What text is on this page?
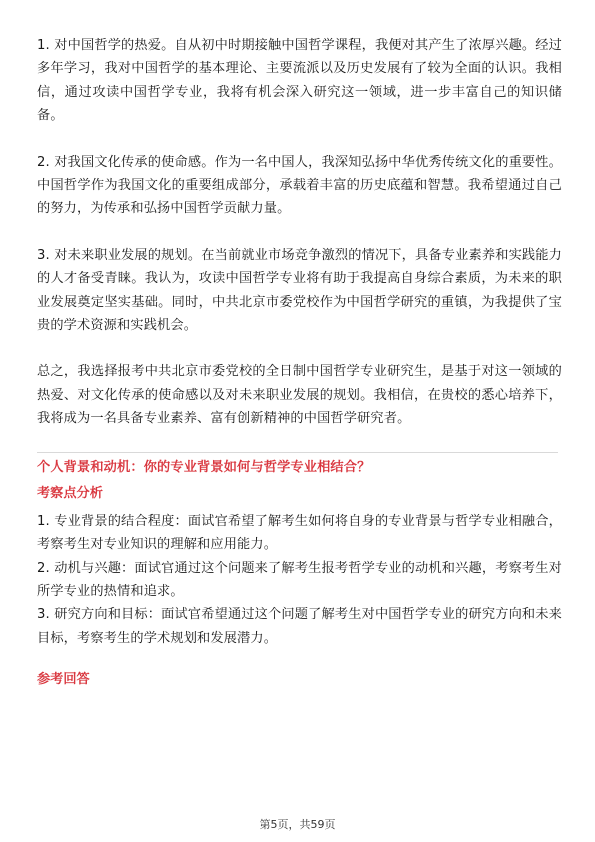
1. 对中国哲学的热爱。自从初中时期接触中国哲学课程，我便对其产生了浓厚兴趣。经过多年学习，我对中国哲学的基本理论、主要流派以及历史发展有了较为全面的认识。我相信，通过攻读中国哲学专业，我将有机会深入研究这一领域，进一步丰富自己的知识储备。

2. 对我国文化传承的使命感。作为一名中国人，我深知弘扬中华优秀传统文化的重要性。中国哲学作为我国文化的重要组成部分，承载着丰富的历史底蕴和智慧。我希望通过自己的努力，为传承和弘扬中国哲学贡献力量。

3. 对未来职业发展的规划。在当前就业市场竞争激烈的情况下，具备专业素养和实践能力的人才备受青睐。我认为，攻读中国哲学专业将有助于我提高自身综合素质，为未来的职业发展奠定坚实基础。同时，中共北京市委党校作为中国哲学研究的重镇，为我提供了宝贵的学术资源和实践机会。

总之，我选择报考中共北京市委党校的全日制中国哲学专业研究生，是基于对这一领域的热爱、对文化传承的使命感以及对未来职业发展的规划。我相信，在贵校的悉心培养下，我将成为一名具备专业素养、富有创新精神的中国哲学研究者。

个人背景和动机：你的专业背景如何与哲学专业相结合？
考察点分析
1. 专业背景的结合程度：面试官希望了解考生如何将自身的专业背景与哲学专业相融合，考察考生对专业知识的理解和应用能力。
2. 动机与兴趣：面试官通过这个问题来了解考生报考哲学专业的动机和兴趣，考察考生对所学专业的热情和追求。
3. 研究方向和目标：面试官希望通过这个问题了解考生对中国哲学专业的研究方向和未来目标，考察考生的学术规划和发展潜力。
参考回答
第5页，共59页
